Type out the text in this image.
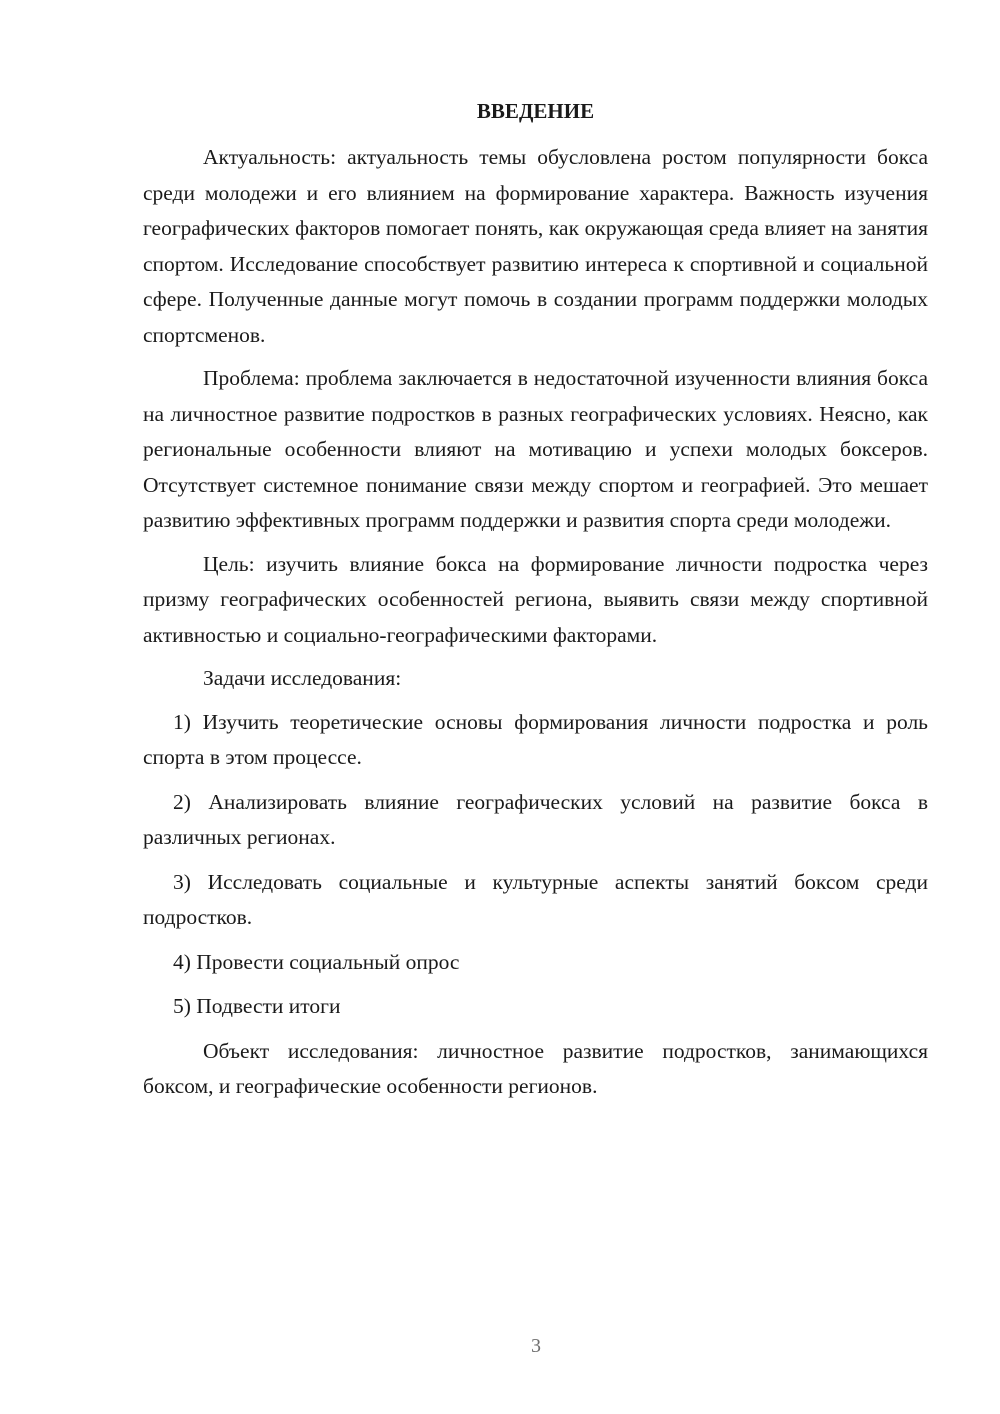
ВВЕДЕНИЕ

Актуальность: актуальность темы обусловлена ростом популярности бокса среди молодежи и его влиянием на формирование характера. Важность изучения географических факторов помогает понять, как окружающая среда влияет на занятия спортом. Исследование способствует развитию интереса к спортивной и социальной сфере. Полученные данные могут помочь в создании программ поддержки молодых спортсменов.

Проблема: проблема заключается в недостаточной изученности влияния бокса на личностное развитие подростков в разных географических условиях. Неясно, как региональные особенности влияют на мотивацию и успехи молодых боксеров. Отсутствует системное понимание связи между спортом и географией. Это мешает развитию эффективных программ поддержки и развития спорта среди молодежи.

Цель: изучить влияние бокса на формирование личности подростка через призму географических особенностей региона, выявить связи между спортивной активностью и социально-географическими факторами.

Задачи исследования:

1) Изучить теоретические основы формирования личности подростка и роль спорта в этом процессе.

2) Анализировать влияние географических условий на развитие бокса в различных регионах.

3) Исследовать социальные и культурные аспекты занятий боксом среди подростков.

4) Провести социальный опрос

5) Подвести итоги

Объект исследования: личностное развитие подростков, занимающихся боксом, и географические особенности регионов.

3
